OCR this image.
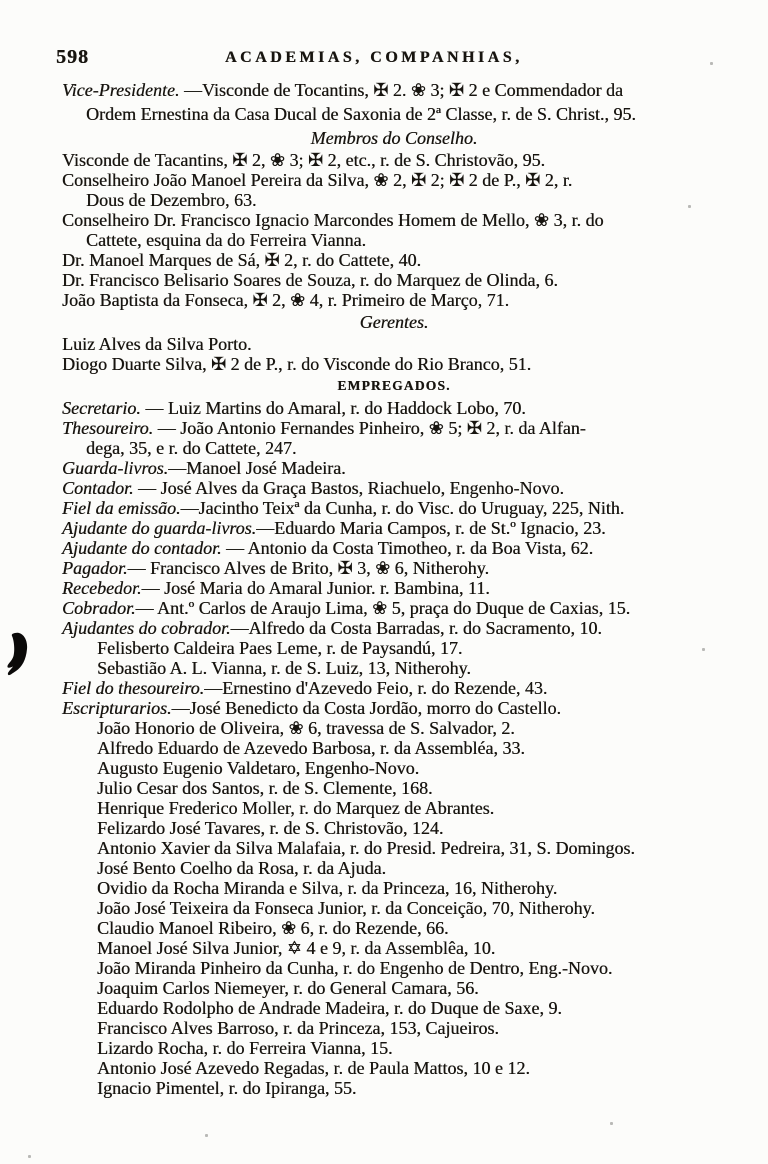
598	ACADEMIAS, COMPANHIAS,
Vice-Presidente. —Visconde de Tocantins, ✠ 2. ❀ 3; ✠ 2 e Commendador da
Ordem Ernestina da Casa Ducal de Saxonia de 2ª Classe, r. de S. Christ., 95.
Membros do Conselho.
Visconde de Tacantins, ✠ 2, ❀ 3; ✠ 2, etc., r. de S. Christovão, 95.
Conselheiro João Manoel Pereira da Silva, ❀ 2, ✠ 2; ✠ 2 de P., ✠ 2, r.
Dous de Dezembro, 63.
Conselheiro Dr. Francisco Ignacio Marcondes Homem de Mello, ❀ 3, r. do
Cattete, esquina da do Ferreira Vianna.
Dr. Manoel Marques de Sá, ✠ 2, r. do Cattete, 40.
Dr. Francisco Belisario Soares de Souza, r. do Marquez de Olinda, 6.
João Baptista da Fonseca, ✠ 2, ❀ 4, r. Primeiro de Março, 71.
Gerentes.
Luiz Alves da Silva Porto.
Diogo Duarte Silva, ✠ 2 de P., r. do Visconde do Rio Branco, 51.
EMPREGADOS.
Secretario. — Luiz Martins do Amaral, r. do Haddock Lobo, 70.
Thesoureiro. — João Antonio Fernandes Pinheiro, ❀ 5; ✠ 2, r. da Alfan-
dega, 35, e r. do Cattete, 247.
Guarda-livros.—Manoel José Madeira.
Contador. — José Alves da Graça Bastos, Riachuelo, Engenho-Novo.
Fiel da emissão.—Jacintho Teixª da Cunha, r. do Visc. do Uruguay, 225, Nith.
Ajudante do guarda-livros.—Eduardo Maria Campos, r. de St.º Ignacio, 23.
Ajudante do contador. — Antonio da Costa Timotheo, r. da Boa Vista, 62.
Pagador.— Francisco Alves de Brito, ✠ 3, ❀ 6, Nitherohy.
Recebedor.— José Maria do Amaral Junior. r. Bambina, 11.
Cobrador.— Ant.º Carlos de Araujo Lima, ❀ 5, praça do Duque de Caxias, 15.
Ajudantes do cobrador.—Alfredo da Costa Barradas, r. do Sacramento, 10.
Felisberto Caldeira Paes Leme, r. de Paysandú, 17.
Sebastião A. L. Vianna, r. de S. Luiz, 13, Nitherohy.
Fiel do thesoureiro.—Ernestino d'Azevedo Feio, r. do Rezende, 43.
Escripturarios.—José Benedicto da Costa Jordão, morro do Castello.
João Honorio de Oliveira, ❀ 6, travessa de S. Salvador, 2.
Alfredo Eduardo de Azevedo Barbosa, r. da Assembléa, 33.
Augusto Eugenio Valdetaro, Engenho-Novo.
Julio Cesar dos Santos, r. de S. Clemente, 168.
Henrique Frederico Moller, r. do Marquez de Abrantes.
Felizardo José Tavares, r. de S. Christovão, 124.
Antonio Xavier da Silva Malafaia, r. do Presid. Pedreira, 31, S. Domingos.
José Bento Coelho da Rosa, r. da Ajuda.
Ovidio da Rocha Miranda e Silva, r. da Princeza, 16, Nitherohy.
João José Teixeira da Fonseca Junior, r. da Conceição, 70, Nitherohy.
Claudio Manoel Ribeiro, ❀ 6, r. do Rezende, 66.
Manoel José Silva Junior, ✡ 4 e 9, r. da Assemblêa, 10.
João Miranda Pinheiro da Cunha, r. do Engenho de Dentro, Eng.-Novo.
Joaquim Carlos Niemeyer, r. do General Camara, 56.
Eduardo Rodolpho de Andrade Madeira, r. do Duque de Saxe, 9.
Francisco Alves Barroso, r. da Princeza, 153, Cajueiros.
Lizardo Rocha, r. do Ferreira Vianna, 15.
Antonio José Azevedo Regadas, r. de Paula Mattos, 10 e 12.
Ignacio Pimentel, r. do Ipiranga, 55.
